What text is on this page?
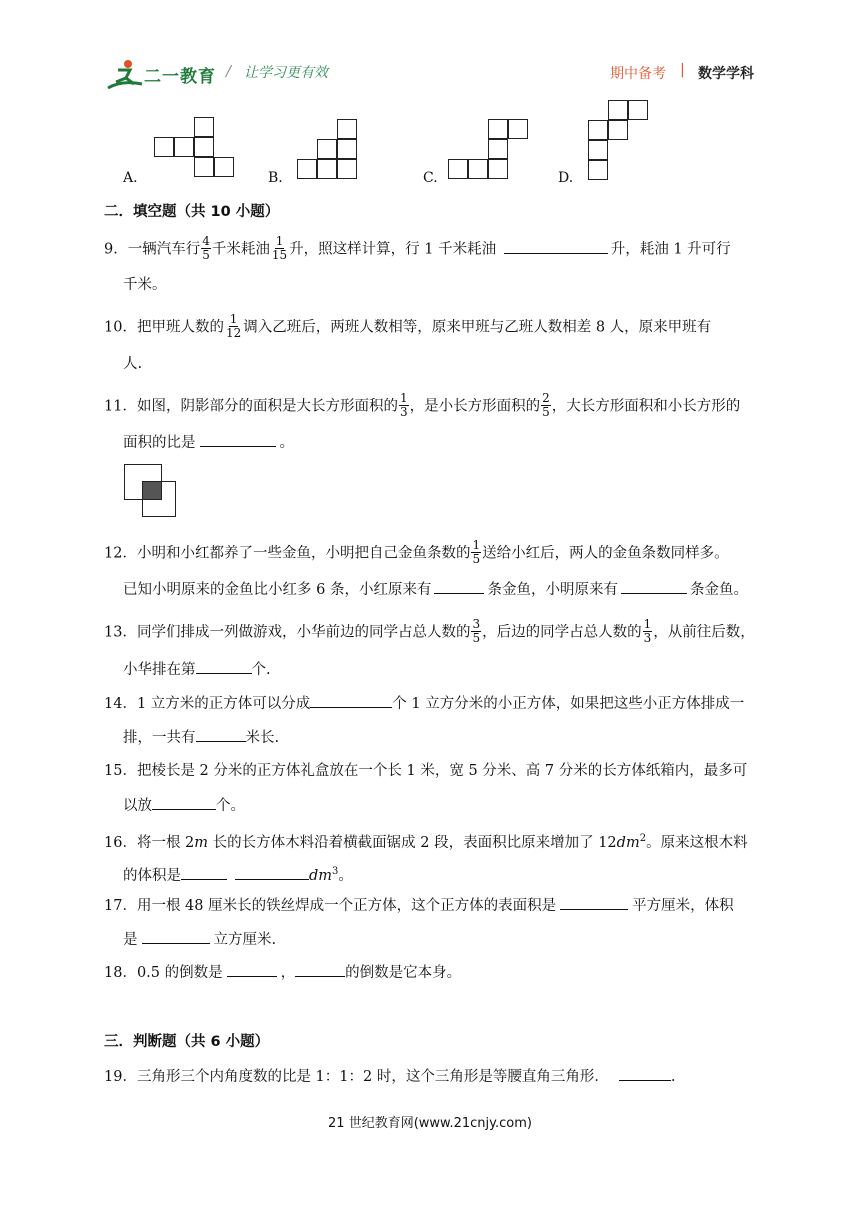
二一教育 / 让学习更有效	期中备考 | 数学学科
A.	B.	C.	D.
二．填空题（共 10 小题）
9．一辆汽车行 $\frac{4}{5}$ 千米耗油 $\frac{1}{15}$ 升，照这样计算，行 1 千米耗油	升，耗油 1 升可行
千米。
10．把甲班人数的 $\frac{1}{12}$ 调入乙班后，两班人数相等，原来甲班与乙班人数相差 8 人，原来甲班有
人.
11．如图，阴影部分的面积是大长方形面积的 $\frac{1}{3}$ ，是小长方形面积的 $\frac{2}{5}$ ，大长方形面积和小长方形的
面积的比是	。
12．小明和小红都养了一些金鱼，小明把自己金鱼条数的 $\frac{1}{5}$ 送给小红后，两人的金鱼条数同样多。
已知小明原来的金鱼比小红多 6 条，小红原来有	条金鱼，小明原来有	条金鱼。
13．同学们排成一列做游戏，小华前边的同学占总人数的 $\frac{3}{5}$ ，后边的同学占总人数的 $\frac{1}{3}$ ，从前往后数，
小华排在第	个.
14．1 立方米的正方体可以分成	个 1 立方分米的小正方体，如果把这些小正方体排成一
排，一共有	米长.
15．把棱长是 2 分米的正方体礼盒放在一个长 1 米，宽 5 分米、高 7 分米的长方体纸箱内，最多可
以放	个。
16．将一根 2m 长的长方体木料沿着横截面锯成 2 段，表面积比原来增加了 $12dm^2$。原来这根木料
的体积是	$dm^3$。
17．用一根 48 厘米长的铁丝焊成一个正方体，这个正方体的表面积是	平方厘米，体积
是	立方厘米.
18．0.5 的倒数是	，	的倒数是它本身。
三．判断题（共 6 小题）
19．三角形三个内角度数的比是 1：1：2 时，这个三角形是等腰直角三角形．	.
21 世纪教育网(www.21cnjy.com)
